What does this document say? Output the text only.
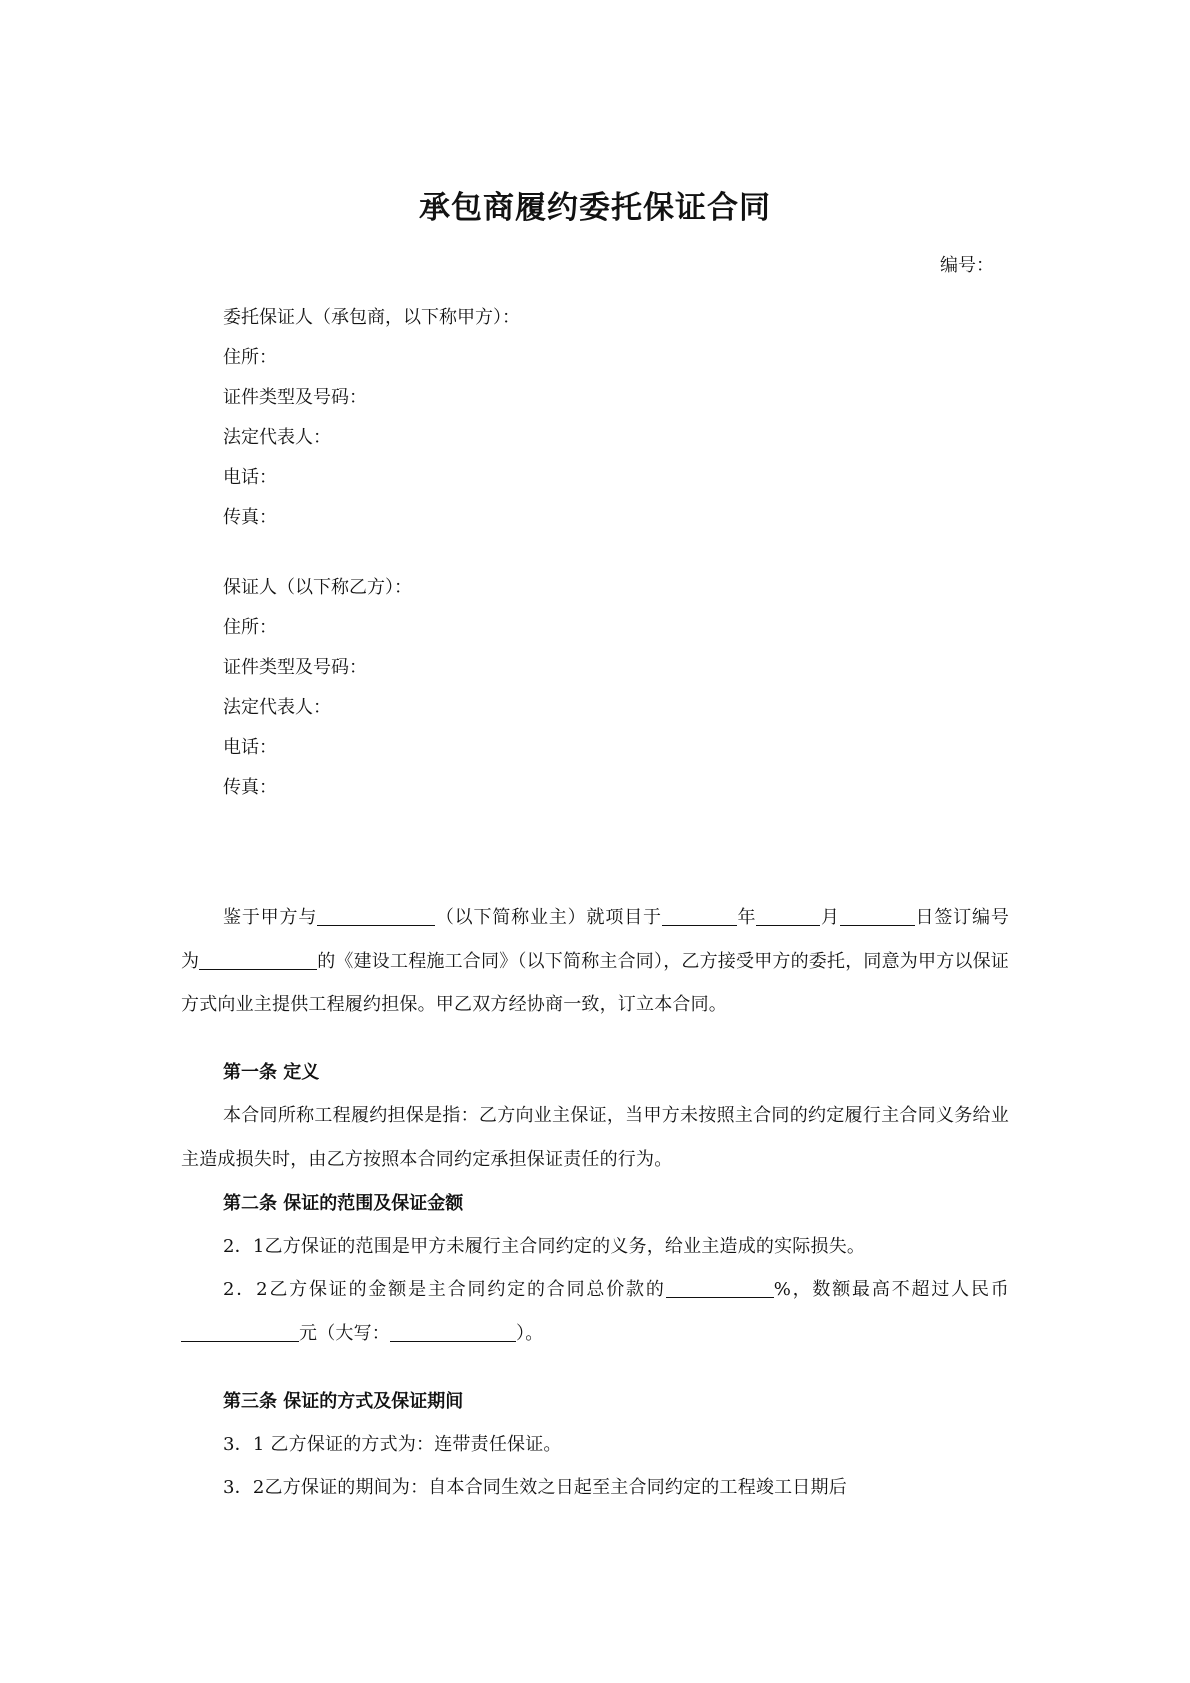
承包商履约委托保证合同
编号：
委托保证人（承包商，以下称甲方）：
住所：
证件类型及号码：
法定代表人：
电话：
传真：
保证人（以下称乙方）：
住所：
证件类型及号码：
法定代表人：
电话：
传真：
鉴于甲方与	（以下简称业主）就项目于	年	月	日签订编号为	的《建设工程施工合同》（以下简称主合同），乙方接受甲方的委托，同意为甲方以保证方式向业主提供工程履约担保。甲乙双方经协商一致，订立本合同。
第一条 定义
本合同所称工程履约担保是指：乙方向业主保证，当甲方未按照主合同的约定履行主合同义务给业主造成损失时，由乙方按照本合同约定承担保证责任的行为。
第二条 保证的范围及保证金额
2．1乙方保证的范围是甲方未履行主合同约定的义务，给业主造成的实际损失。
2．2乙方保证的金额是主合同约定的合同总价款的	%，数额最高不超过人民币元（大写：	）。
第三条 保证的方式及保证期间
3．1 乙方保证的方式为：连带责任保证。
3．2乙方保证的期间为：自本合同生效之日起至主合同约定的工程竣工日期后
